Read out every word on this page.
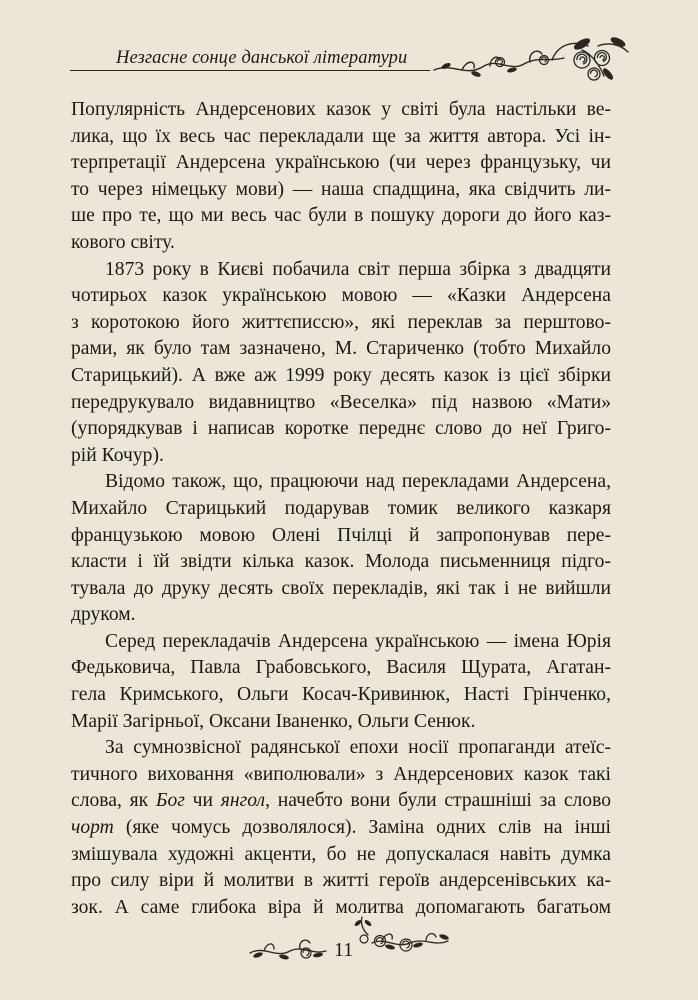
Незгасне сонце данської літератури

Популярність Андерсенових казок у світі була настільки ве-
лика, що їх весь час перекладали ще за життя автора. Усі ін-
терпретації Андерсена українською (чи через французьку, чи
то через німецьку мови) — наша спадщина, яка свідчить ли-
ше про те, що ми весь час були в пошуку дороги до його каз-
кового світу.

1873 року в Києві побачила світ перша збірка з двадцяти
чотирьох казок українською мовою — «Казки Андерсена
з коротокою його життєписсю», які переклав за перштово-
рами, як було там зазначено, М. Стариченко (тобто Михайло
Старицький). А вже аж 1999 року десять казок із цієї збірки
передрукувало видавництво «Веселка» під назвою «Мати»
(упорядкував і написав коротке переднє слово до неї Григо-
рій Кочур).

Відомо також, що, працюючи над перекладами Андерсена,
Михайло Старицький подарував томик великого казкаря
французькою мовою Олені Пчілці й запропонував пере-
класти і їй звідти кілька казок. Молода письменниця підго-
тувала до друку десять своїх перекладів, які так і не вийшли
друком.

Серед перекладачів Андерсена українською — імена Юрія
Федьковича, Павла Грабовського, Василя Щурата, Агатан-
гела Кримського, Ольги Косач-Кривинюк, Насті Грінченко,
Марії Загірньої, Оксани Іваненко, Ольги Сенюк.

За сумнозвісної радянської епохи носії пропаганди атеїс-
тичного виховання «виполювали» з Андерсенових казок такі
слова, як Бог чи янгол, начебто вони були страшніші за слово
чорт (яке чомусь дозволялося). Заміна одних слів на інші
змішувала художні акценти, бо не допускалася навіть думка
про силу віри й молитви в житті героїв андерсенівських ка-
зок. А саме глибока віра й молитва допомагають багатьом

11
